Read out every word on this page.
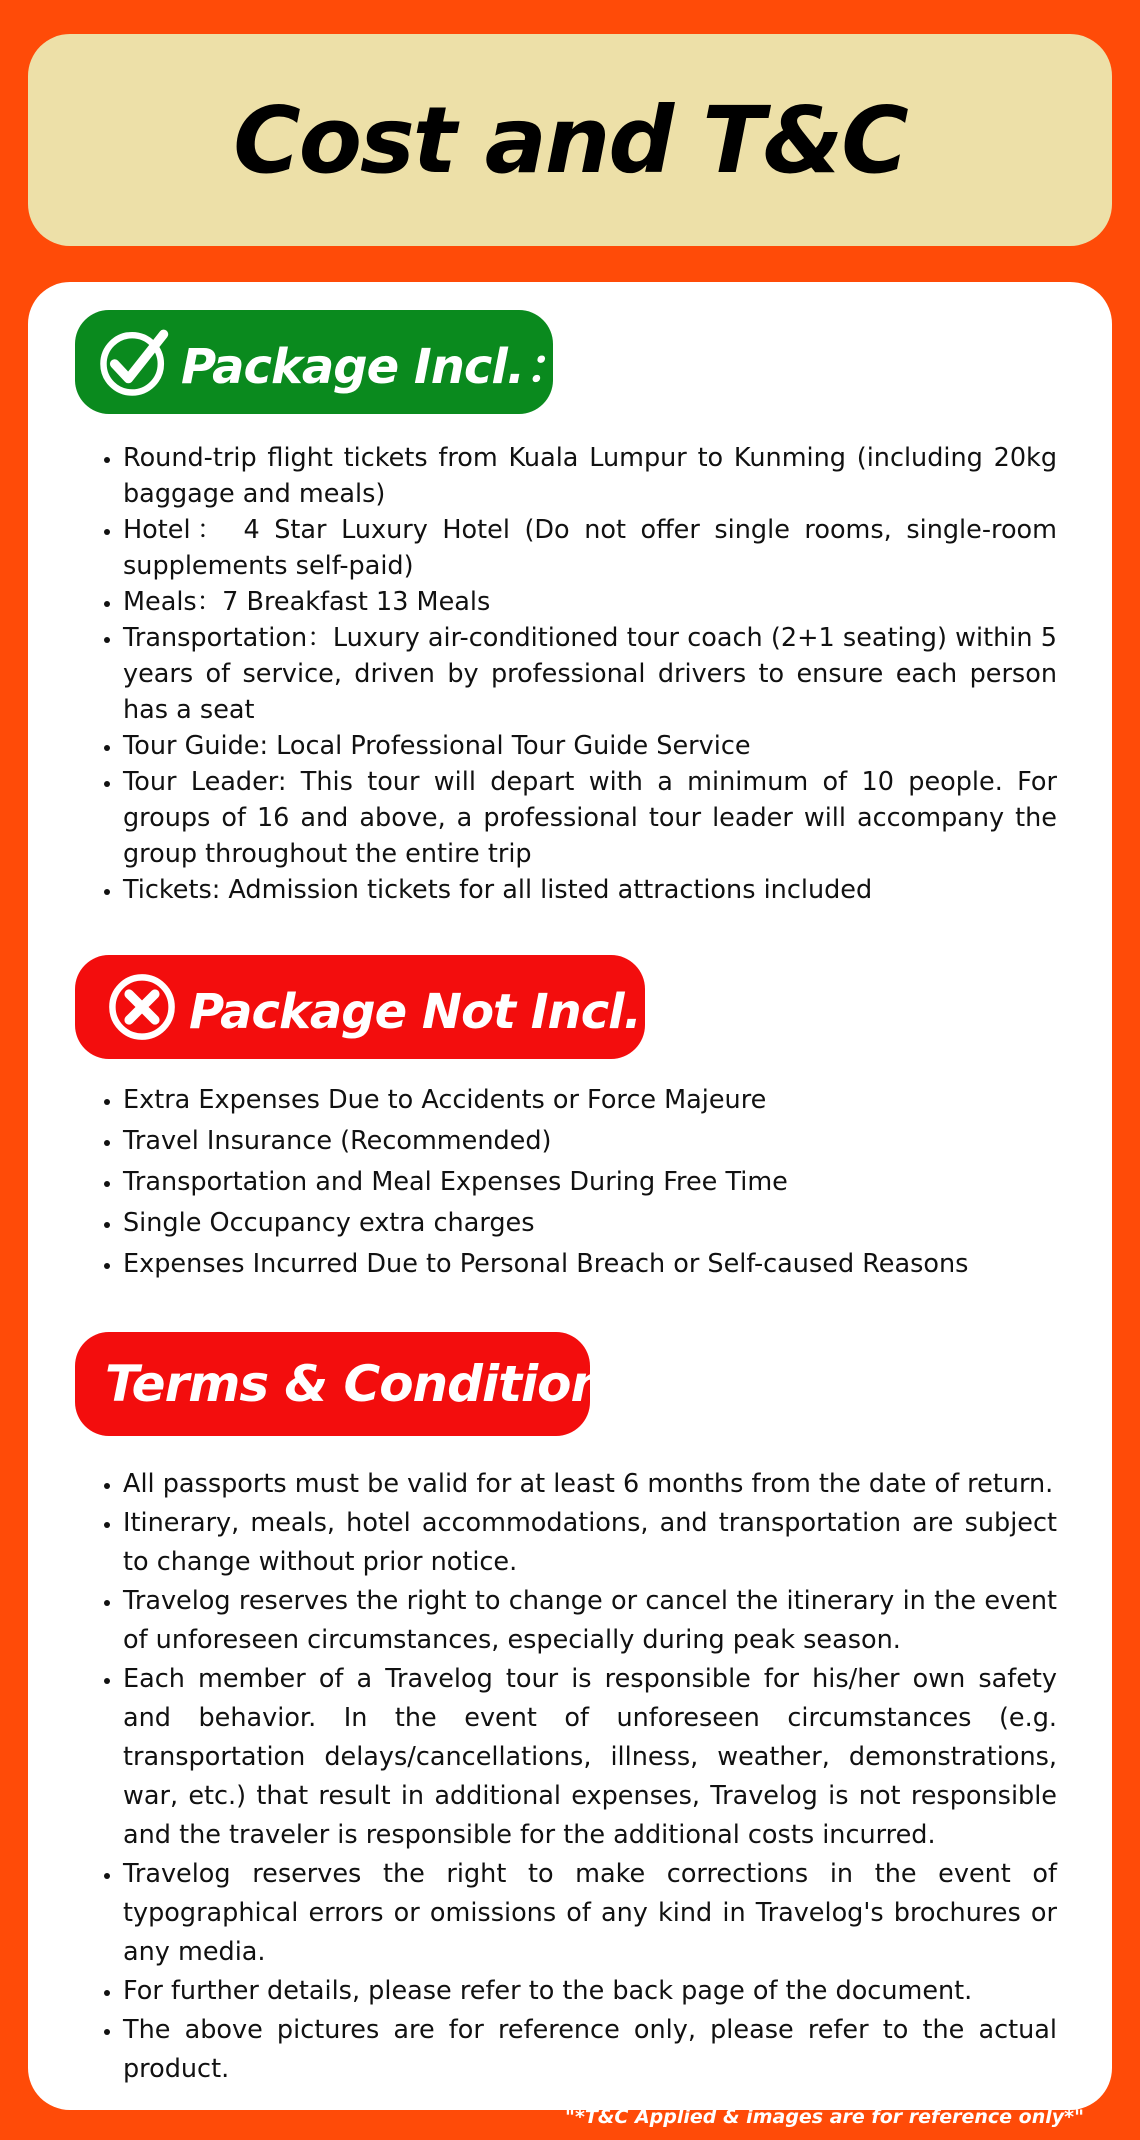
Cost and T&C
Package Incl.：
• Round-trip flight tickets from Kuala Lumpur to Kunming (including 20kg baggage and meals)
• Hotel： 4 Star Luxury Hotel (Do not offer single rooms, single-room supplements self-paid)
• Meals：7 Breakfast 13 Meals
• Transportation：Luxury air-conditioned tour coach (2+1 seating) within 5 years of service, driven by professional drivers to ensure each person has a seat
• Tour Guide: Local Professional Tour Guide Service
• Tour Leader: This tour will depart with a minimum of 10 people. For groups of 16 and above, a professional tour leader will accompany the group throughout the entire trip
• Tickets: Admission tickets for all listed attractions included
Package Not Incl.：
• Extra Expenses Due to Accidents or Force Majeure
• Travel Insurance (Recommended)
• Transportation and Meal Expenses During Free Time
• Single Occupancy extra charges
• Expenses Incurred Due to Personal Breach or Self-caused Reasons
Terms & Conditions
• All passports must be valid for at least 6 months from the date of return.
• Itinerary, meals, hotel accommodations, and transportation are subject to change without prior notice.
• Travelog reserves the right to change or cancel the itinerary in the event of unforeseen circumstances, especially during peak season.
• Each member of a Travelog tour is responsible for his/her own safety and behavior. In the event of unforeseen circumstances (e.g. transportation delays/cancellations, illness, weather, demonstrations, war, etc.) that result in additional expenses, Travelog is not responsible and the traveler is responsible for the additional costs incurred.
• Travelog reserves the right to make corrections in the event of typographical errors or omissions of any kind in Travelog's brochures or any media.
• For further details, please refer to the back page of the document.
• The above pictures are for reference only, please refer to the actual product.
"*T&C Applied & images are for reference only*"
